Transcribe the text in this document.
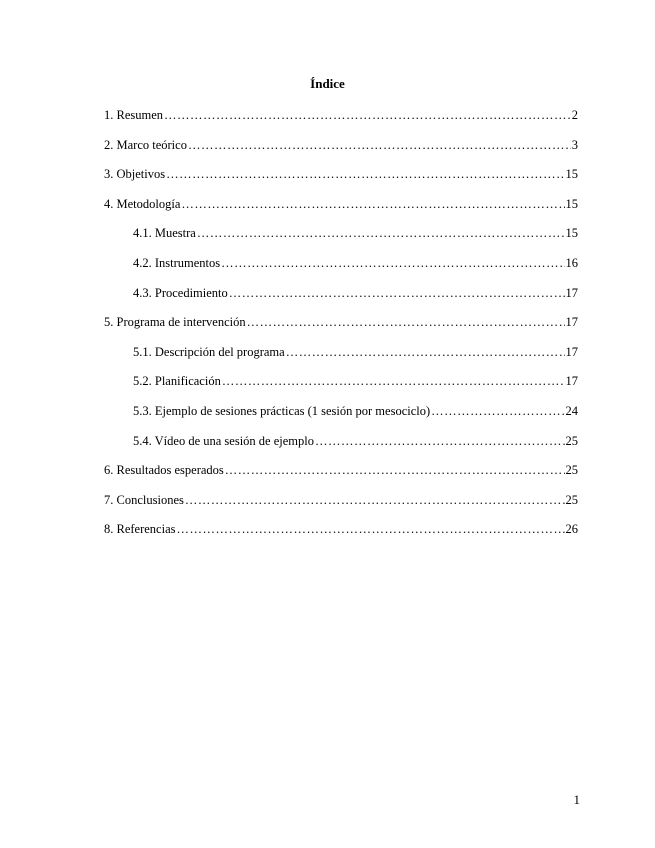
Índice
1. Resumen ……………………………………………………………………………………………………………………………………………………………………………………	2
2. Marco teórico ……………………………………………………………………………………………………………………………………………………………………………………	3
3. Objetivos ……………………………………………………………………………………………………………………………………………………………………………………	15
4. Metodología ……………………………………………………………………………………………………………………………………………………………………………………	15
4.1. Muestra ……………………………………………………………………………………………………………………………………………………………………………………	15
4.2. Instrumentos ……………………………………………………………………………………………………………………………………………………………………………………	16
4.3. Procedimiento ……………………………………………………………………………………………………………………………………………………………………………………	17
5. Programa de intervención ……………………………………………………………………………………………………………………………………………………………………………………	17
5.1. Descripción del programa ……………………………………………………………………………………………………………………………………………………………………………………	17
5.2. Planificación ……………………………………………………………………………………………………………………………………………………………………………………	17
5.3. Ejemplo de sesiones prácticas (1 sesión por mesociclo) ……………………………………………………………………………………………………………………………………………………………………………………	24
5.4. Vídeo de una sesión de ejemplo ……………………………………………………………………………………………………………………………………………………………………………………	25
6. Resultados esperados ……………………………………………………………………………………………………………………………………………………………………………………	25
7. Conclusiones ……………………………………………………………………………………………………………………………………………………………………………………	25
8. Referencias ……………………………………………………………………………………………………………………………………………………………………………………	26
1
